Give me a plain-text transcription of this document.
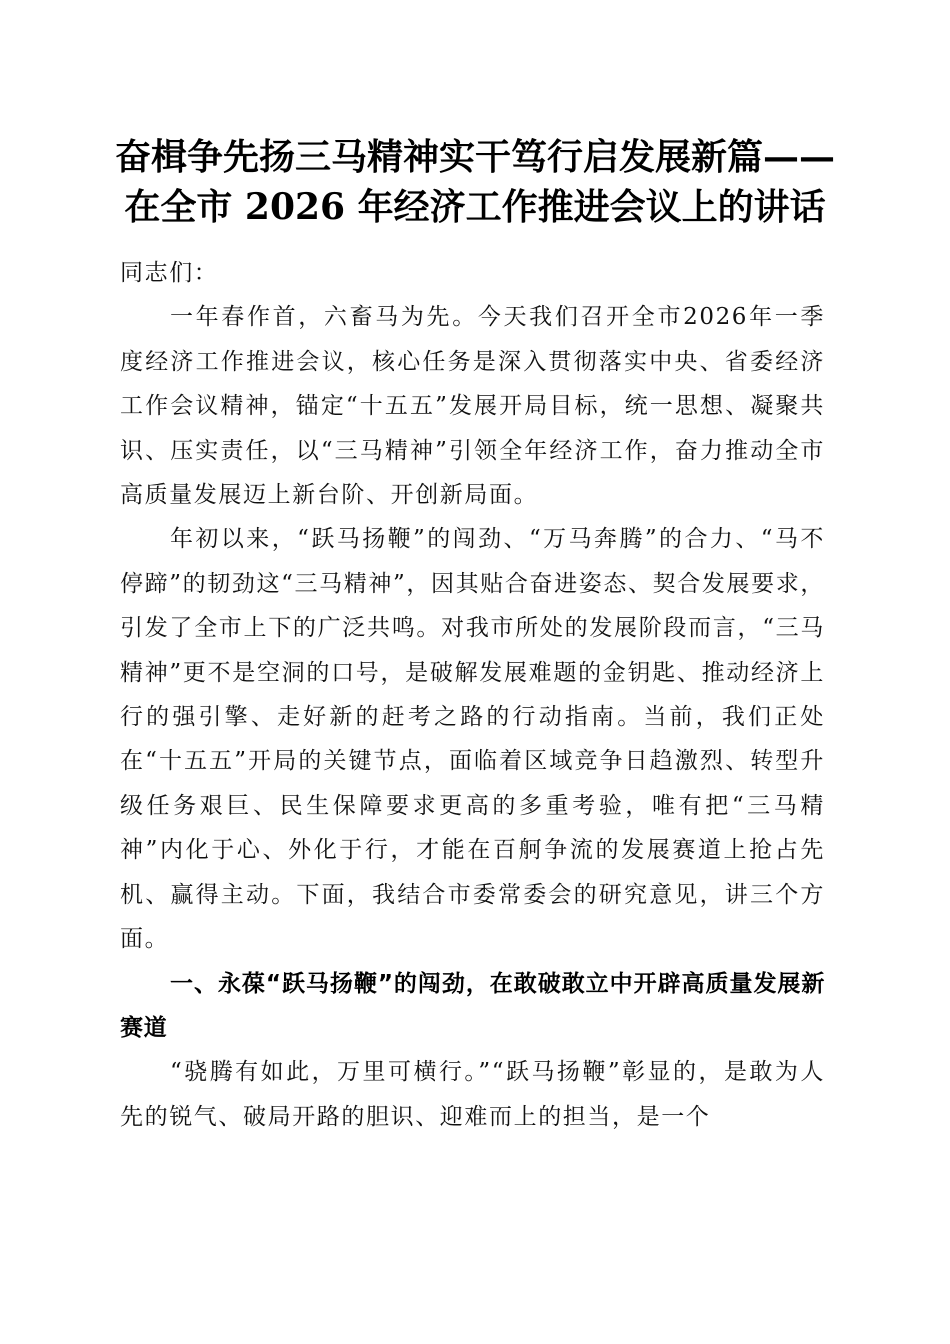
奋楫争先扬三马精神实干笃行启发展新篇——
在全市 2026 年经济工作推进会议上的讲话

同志们：

一年春作首，六畜马为先。今天我们召开全市2026年一季度经济工作推进会议，核心任务是深入贯彻落实中央、省委经济工作会议精神，锚定“十五五”发展开局目标，统一思想、凝聚共识、压实责任，以“三马精神”引领全年经济工作，奋力推动全市高质量发展迈上新台阶、开创新局面。

年初以来，“跃马扬鞭”的闯劲、“万马奔腾”的合力、“马不停蹄”的韧劲这“三马精神”，因其贴合奋进姿态、契合发展要求，引发了全市上下的广泛共鸣。对我市所处的发展阶段而言，“三马精神”更不是空洞的口号，是破解发展难题的金钥匙、推动经济上行的强引擎、走好新的赶考之路的行动指南。当前，我们正处在“十五五”开局的关键节点，面临着区域竞争日趋激烈、转型升级任务艰巨、民生保障要求更高的多重考验，唯有把“三马精神”内化于心、外化于行，才能在百舸争流的发展赛道上抢占先机、赢得主动。下面，我结合市委常委会的研究意见，讲三个方面。

一、永葆“跃马扬鞭”的闯劲，在敢破敢立中开辟高质量发展新赛道

“骁腾有如此，万里可横行。”“跃马扬鞭”彰显的，是敢为人先的锐气、破局开路的胆识、迎难而上的担当，是一个
